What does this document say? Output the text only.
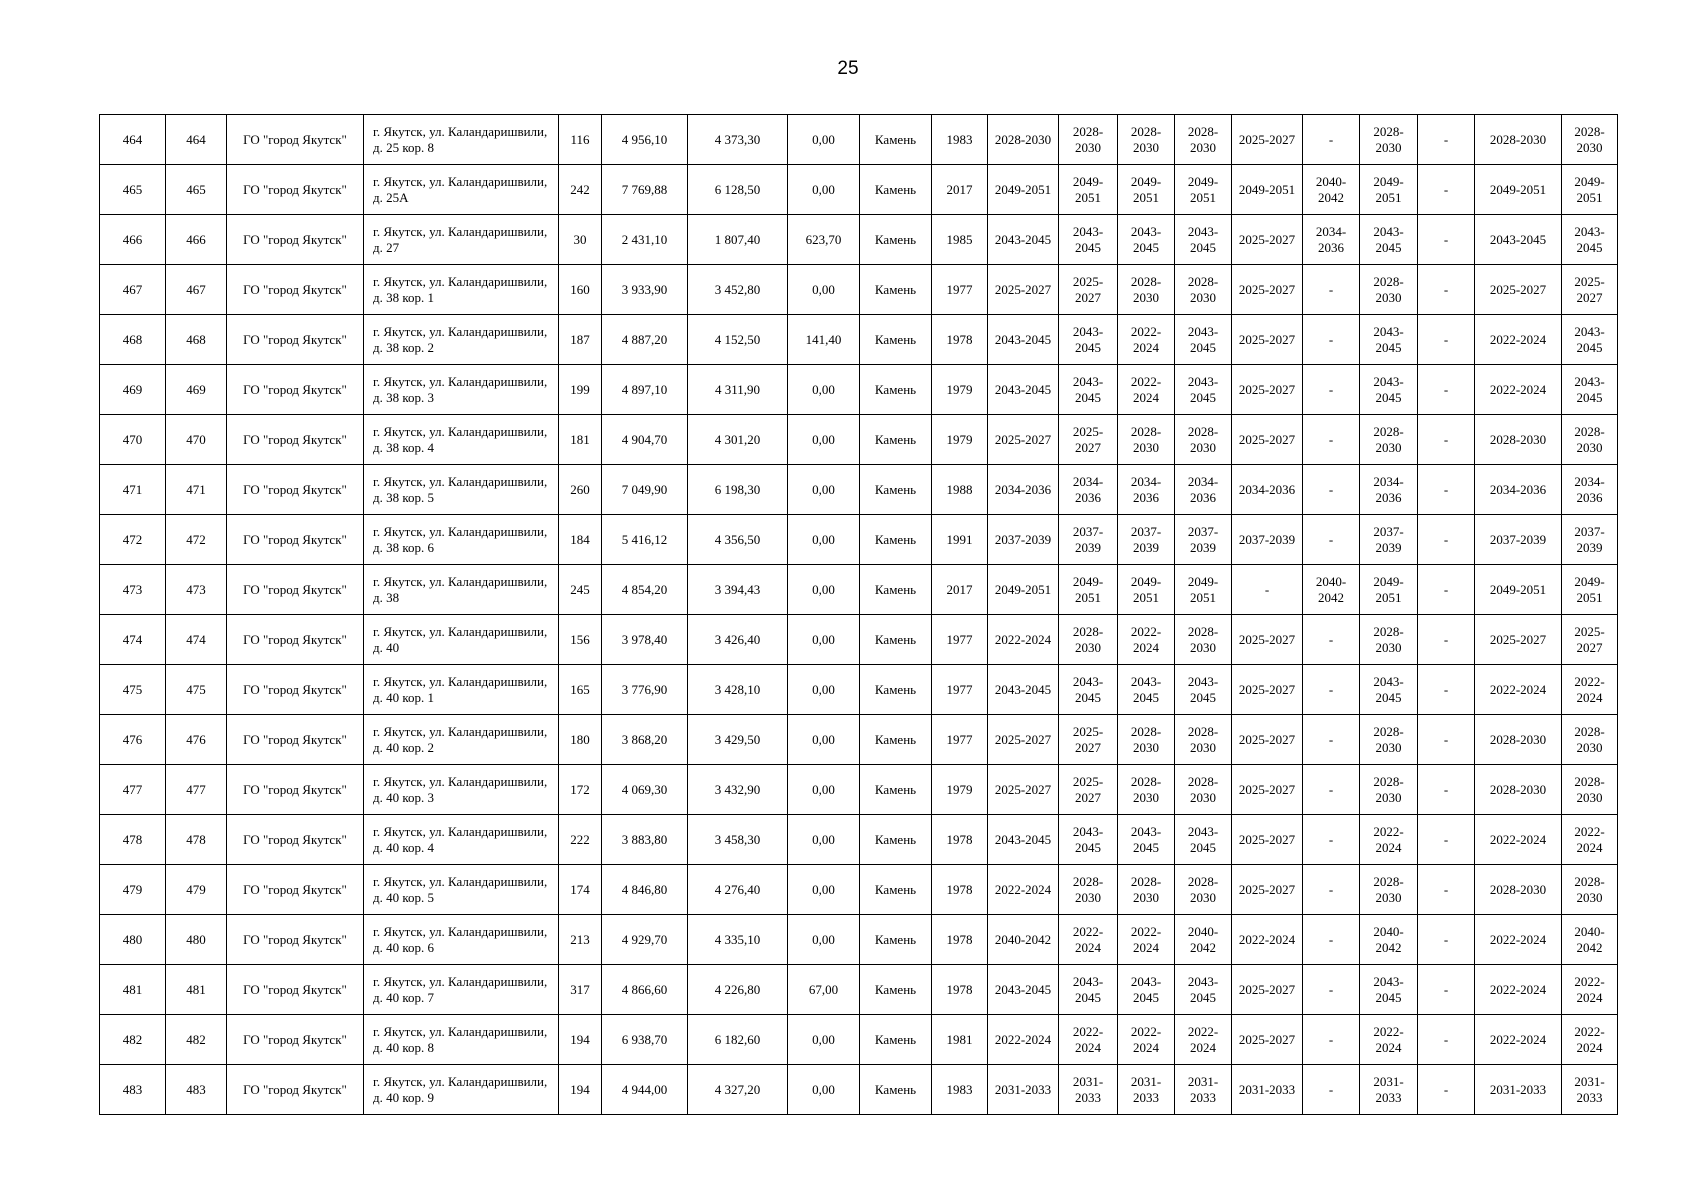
25
464	464	ГО "город Якутск"	г. Якутск, ул. Каландаришвили, д. 25 кор. 8	116	4 956,10	4 373,30	0,00	Камень	1983	2028-2030	2028-2030	2028-2030	2028-2030	2025-2027	-	2028-2030	-	2028-2030	2028-2030
465	465	ГО "город Якутск"	г. Якутск, ул. Каландаришвили, д. 25А	242	7 769,88	6 128,50	0,00	Камень	2017	2049-2051	2049-2051	2049-2051	2049-2051	2049-2051	2040-2042	2049-2051	-	2049-2051	2049-2051
466	466	ГО "город Якутск"	г. Якутск, ул. Каландаришвили, д. 27	30	2 431,10	1 807,40	623,70	Камень	1985	2043-2045	2043-2045	2043-2045	2043-2045	2025-2027	2034-2036	2043-2045	-	2043-2045	2043-2045
467	467	ГО "город Якутск"	г. Якутск, ул. Каландаришвили, д. 38 кор. 1	160	3 933,90	3 452,80	0,00	Камень	1977	2025-2027	2025-2027	2028-2030	2028-2030	2025-2027	-	2028-2030	-	2025-2027	2025-2027
468	468	ГО "город Якутск"	г. Якутск, ул. Каландаришвили, д. 38 кор. 2	187	4 887,20	4 152,50	141,40	Камень	1978	2043-2045	2043-2045	2022-2024	2043-2045	2025-2027	-	2043-2045	-	2022-2024	2043-2045
469	469	ГО "город Якутск"	г. Якутск, ул. Каландаришвили, д. 38 кор. 3	199	4 897,10	4 311,90	0,00	Камень	1979	2043-2045	2043-2045	2022-2024	2043-2045	2025-2027	-	2043-2045	-	2022-2024	2043-2045
470	470	ГО "город Якутск"	г. Якутск, ул. Каландаришвили, д. 38 кор. 4	181	4 904,70	4 301,20	0,00	Камень	1979	2025-2027	2025-2027	2028-2030	2028-2030	2025-2027	-	2028-2030	-	2028-2030	2028-2030
471	471	ГО "город Якутск"	г. Якутск, ул. Каландаришвили, д. 38 кор. 5	260	7 049,90	6 198,30	0,00	Камень	1988	2034-2036	2034-2036	2034-2036	2034-2036	2034-2036	-	2034-2036	-	2034-2036	2034-2036
472	472	ГО "город Якутск"	г. Якутск, ул. Каландаришвили, д. 38 кор. 6	184	5 416,12	4 356,50	0,00	Камень	1991	2037-2039	2037-2039	2037-2039	2037-2039	2037-2039	-	2037-2039	-	2037-2039	2037-2039
473	473	ГО "город Якутск"	г. Якутск, ул. Каландаришвили, д. 38	245	4 854,20	3 394,43	0,00	Камень	2017	2049-2051	2049-2051	2049-2051	2049-2051	-	2040-2042	2049-2051	-	2049-2051	2049-2051
474	474	ГО "город Якутск"	г. Якутск, ул. Каландаришвили, д. 40	156	3 978,40	3 426,40	0,00	Камень	1977	2022-2024	2028-2030	2022-2024	2028-2030	2025-2027	-	2028-2030	-	2025-2027	2025-2027
475	475	ГО "город Якутск"	г. Якутск, ул. Каландаришвили, д. 40 кор. 1	165	3 776,90	3 428,10	0,00	Камень	1977	2043-2045	2043-2045	2043-2045	2043-2045	2025-2027	-	2043-2045	-	2022-2024	2022-2024
476	476	ГО "город Якутск"	г. Якутск, ул. Каландаришвили, д. 40 кор. 2	180	3 868,20	3 429,50	0,00	Камень	1977	2025-2027	2025-2027	2028-2030	2028-2030	2025-2027	-	2028-2030	-	2028-2030	2028-2030
477	477	ГО "город Якутск"	г. Якутск, ул. Каландаришвили, д. 40 кор. 3	172	4 069,30	3 432,90	0,00	Камень	1979	2025-2027	2025-2027	2028-2030	2028-2030	2025-2027	-	2028-2030	-	2028-2030	2028-2030
478	478	ГО "город Якутск"	г. Якутск, ул. Каландаришвили, д. 40 кор. 4	222	3 883,80	3 458,30	0,00	Камень	1978	2043-2045	2043-2045	2043-2045	2043-2045	2025-2027	-	2022-2024	-	2022-2024	2022-2024
479	479	ГО "город Якутск"	г. Якутск, ул. Каландаришвили, д. 40 кор. 5	174	4 846,80	4 276,40	0,00	Камень	1978	2022-2024	2028-2030	2028-2030	2028-2030	2025-2027	-	2028-2030	-	2028-2030	2028-2030
480	480	ГО "город Якутск"	г. Якутск, ул. Каландаришвили, д. 40 кор. 6	213	4 929,70	4 335,10	0,00	Камень	1978	2040-2042	2022-2024	2022-2024	2040-2042	2022-2024	-	2040-2042	-	2022-2024	2040-2042
481	481	ГО "город Якутск"	г. Якутск, ул. Каландаришвили, д. 40 кор. 7	317	4 866,60	4 226,80	67,00	Камень	1978	2043-2045	2043-2045	2043-2045	2043-2045	2025-2027	-	2043-2045	-	2022-2024	2022-2024
482	482	ГО "город Якутск"	г. Якутск, ул. Каландаришвили, д. 40 кор. 8	194	6 938,70	6 182,60	0,00	Камень	1981	2022-2024	2022-2024	2022-2024	2022-2024	2025-2027	-	2022-2024	-	2022-2024	2022-2024
483	483	ГО "город Якутск"	г. Якутск, ул. Каландаришвили, д. 40 кор. 9	194	4 944,00	4 327,20	0,00	Камень	1983	2031-2033	2031-2033	2031-2033	2031-2033	2031-2033	-	2031-2033	-	2031-2033	2031-2033
